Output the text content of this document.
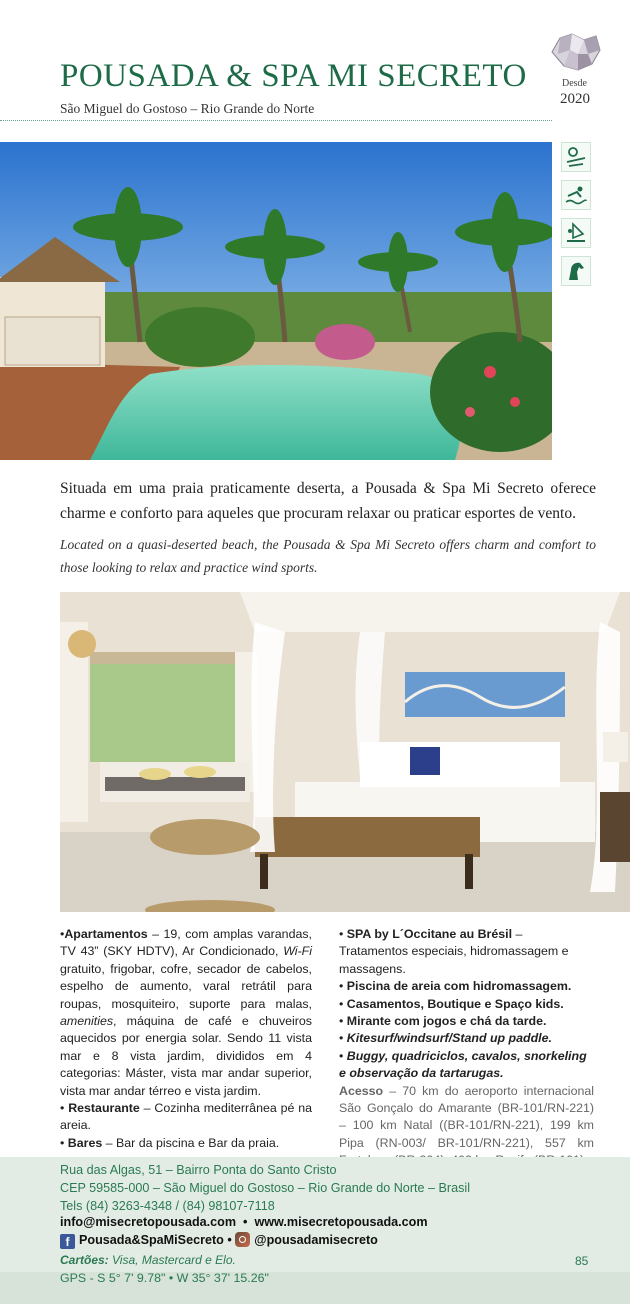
POUSADA & SPA MI SECRETO
São Miguel do Gostoso – Rio Grande do Norte
Desde
2020
Situada em uma praia praticamente deserta, a Pousada & Spa Mi Secreto oferece charme e conforto para aqueles que procuram relaxar ou praticar esportes de vento.
Located on a quasi-deserted beach, the Pousada & Spa Mi Secreto offers charm and comfort to those looking to relax and practice wind sports.

•Apartamentos – 19, com amplas varandas, TV 43” (SKY HDTV), Ar Condicionado, Wi-Fi gratuito, frigobar, cofre, secador de cabelos, espelho de aumento, varal retrátil para roupas, mosquiteiro, suporte para malas, amenities, máquina de café e chuveiros aquecidos por energia solar. Sendo 11 vista mar e 8 vista jardim, divididos em 4 categorias: Máster, vista mar andar superior, vista mar andar térreo e vista jardim.

• Restaurante – Cozinha mediterrânea pé na areia.

• Bares – Bar da piscina e Bar da praia.

• SPA by L´Occitane au Brésil – Tratamentos especiais, hidromassagem e massagens.

• Piscina de areia com hidromassagem.

• Casamentos, Boutique e Spaço kids.

• Mirante com jogos e chá da tarde.

• Kitesurf/windsurf/Stand up paddle.

• Buggy, quadriciclos, cavalos, snorkeling e observação da tartarugas.

Acesso – 70 km do aeroporto internacional São Gonçalo do Amarante (BR-101/RN-221) – 100 km Natal ((BR-101/RN-221), 199 km Pipa (RN-003/ BR-101/RN-221), 557 km

Rua das Algas, 51 – Bairro Ponta do Santo Cristo
CEP 59585-000 – São Miguel do Gostoso – Rio Grande do Norte – Brasil
Tels (84) 3263-4348 / (84) 98107-7118
info@misecretopousada.com • www.misecretopousada.com
f Pousada&SpaMiSecreto • @pousadamisecreto
Cartões: Visa, Mastercard e Elo.	85
GPS - S 5° 7' 9.78" • W 35° 37' 15.26"
